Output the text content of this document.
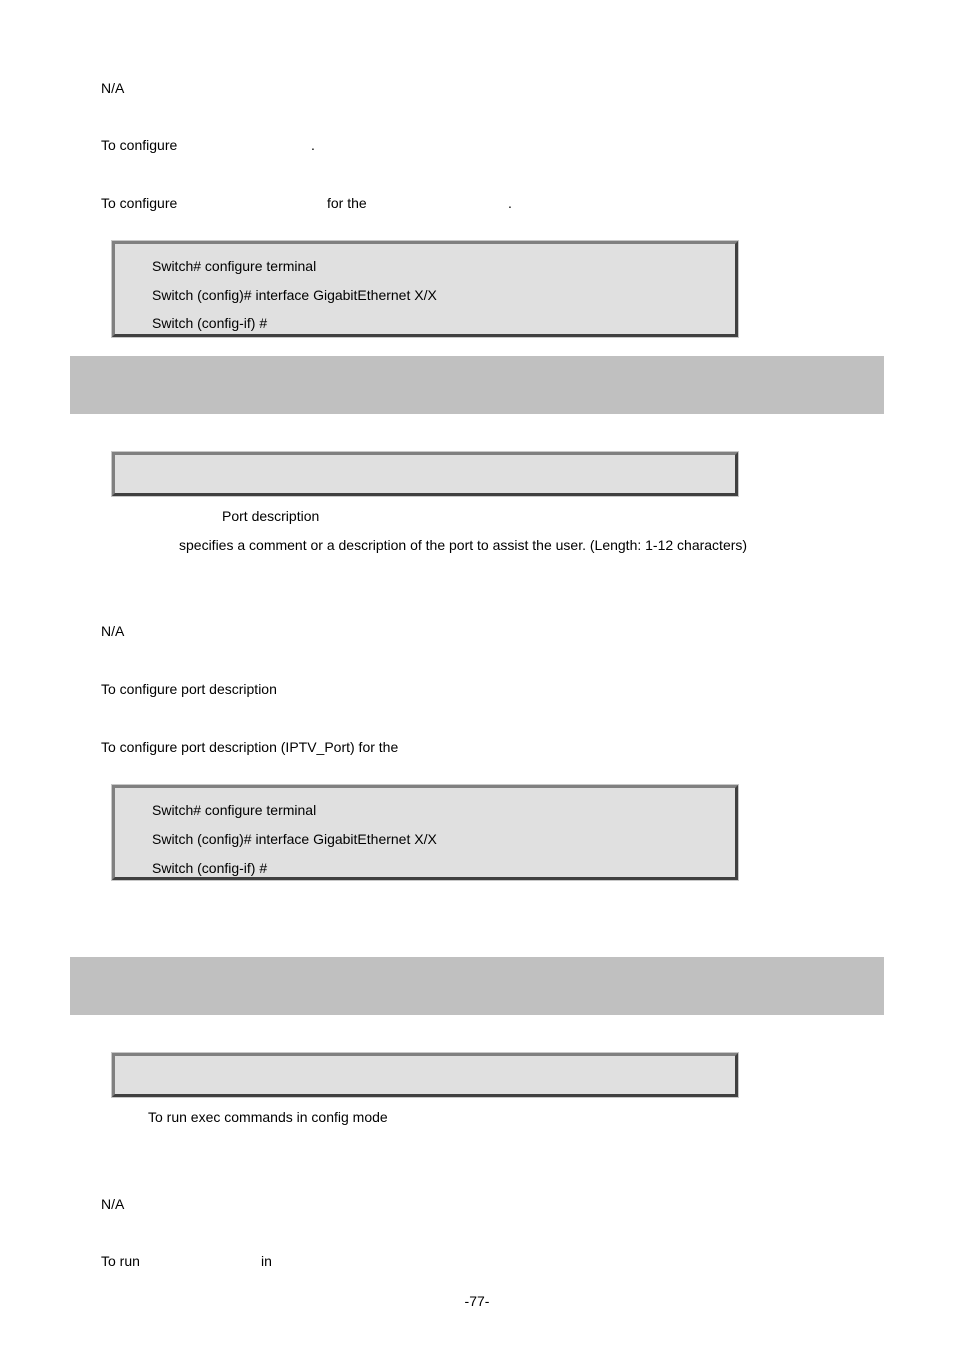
N/A
To configure	.
To configure	for the	.
Switch# configure terminal
Switch (config)# interface GigabitEthernet X/X
Switch (config-if) #
Port description
specifies a comment or a description of the port to assist the user. (Length: 1-12 characters)
N/A
To configure port description
To configure port description (IPTV_Port) for the
Switch# configure terminal
Switch (config)# interface GigabitEthernet X/X
Switch (config-if) #
To run exec commands in config mode
N/A
To run	in
-77-
